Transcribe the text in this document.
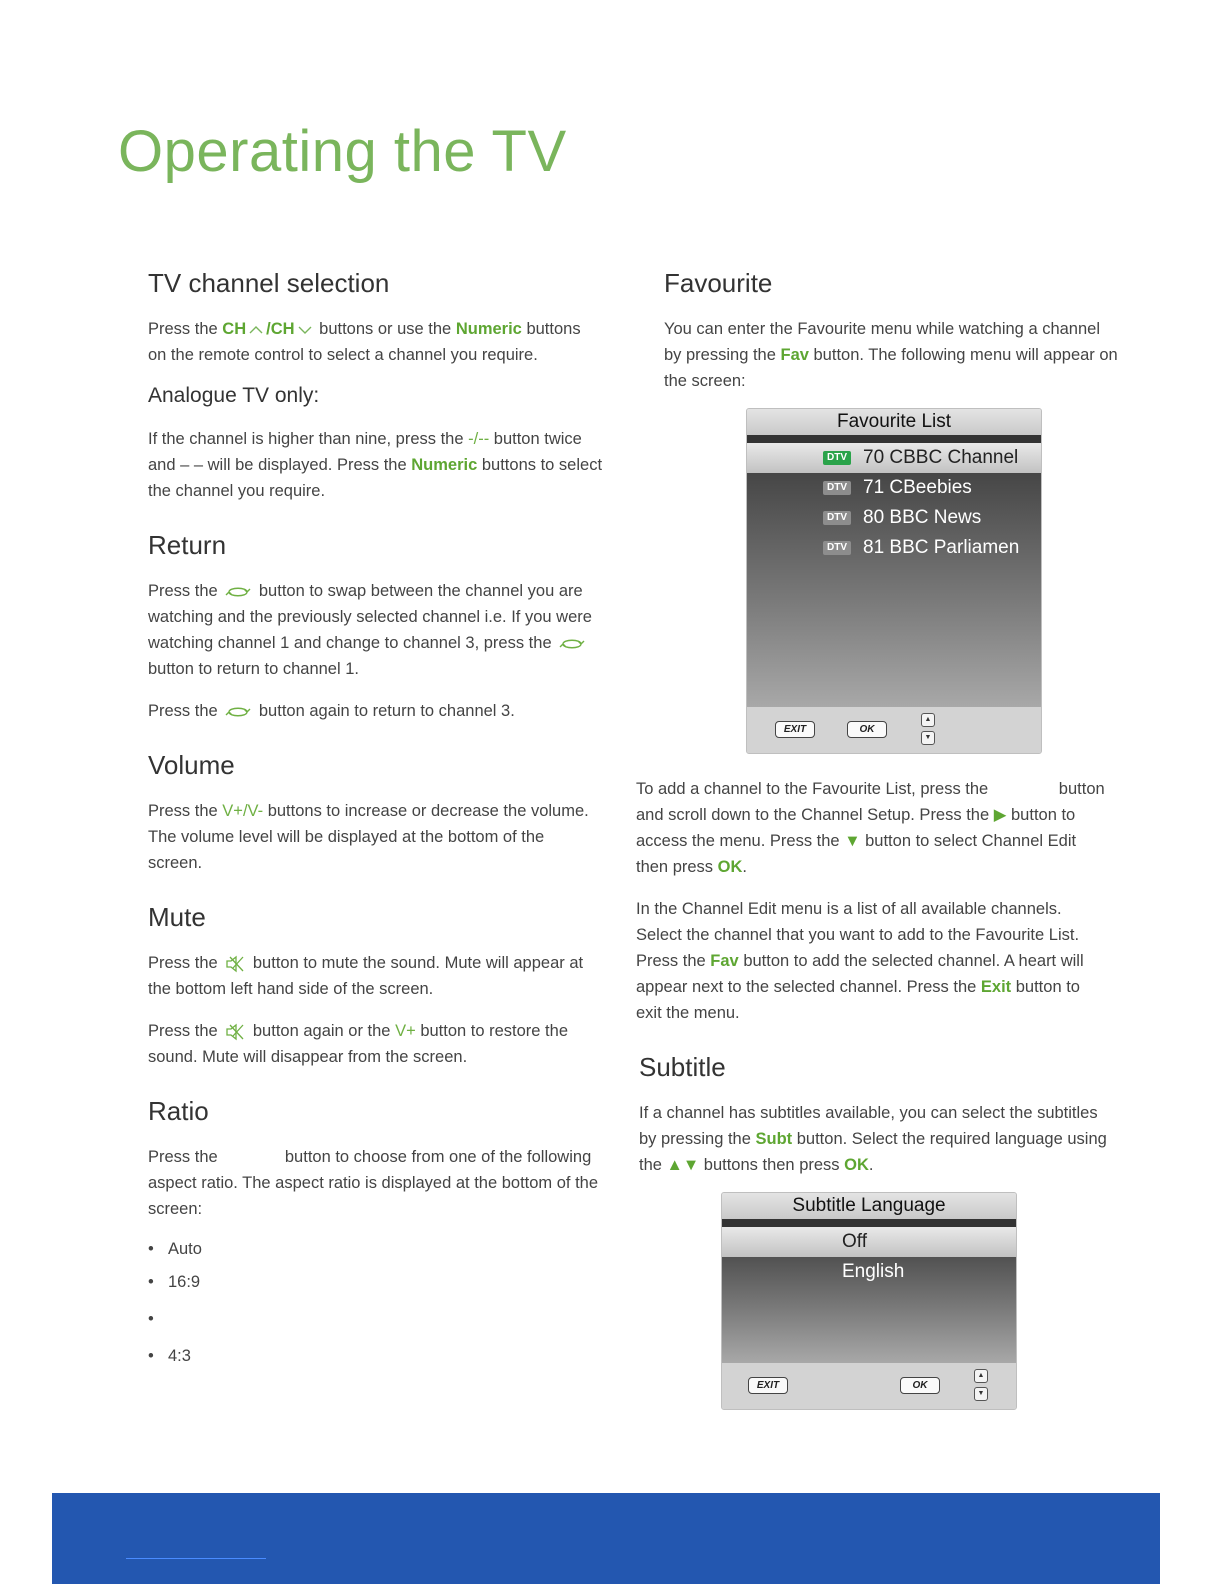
Operating the TV
TV channel selection

Press the CH /CH buttons or use the Numeric buttons
on the remote control to select a channel you require.

Analogue TV only:

If the channel is higher than nine, press the -/-- button twice
and – – will be displayed. Press the Numeric buttons to select
the channel you require.

Return

Press the  button to swap between the channel you are
watching and the previously selected channel i.e. If you were
watching channel 1 and change to channel 3, press the
button to return to channel 1.

Press the  button again to return to channel 3.

Volume

Press the V+/V- buttons to increase or decrease the volume.
The volume level will be displayed at the bottom of the
screen.

Mute

Press the  button to mute the sound. Mute will appear at
the bottom left hand side of the screen.

Press the  button again or the V+ button to restore the
sound. Mute will disappear from the screen.

Ratio

Press the	button to choose from one of the following
aspect ratio. The aspect ratio is displayed at the bottom of the
screen:

• Auto

• 16:9

•

• 4:3

Favourite

You can enter the Favourite menu while watching a channel
by pressing the Fav button. The following menu will appear on
the screen:

Favourite List
DTV 70 CBBC Channel
DTV 71 CBeebies
DTV 80 BBC News
DTV 81 BBC Parliamen
EXIT	OK
▲
▼

To add a channel to the Favourite List, press the	button
and scroll down to the Channel Setup. Press the ▶ button to
access the menu. Press the ▼ button to select Channel Edit
then press OK.

In the Channel Edit menu is a list of all available channels.
Select the channel that you want to add to the Favourite List.
Press the Fav button to add the selected channel. A heart will
appear next to the selected channel. Press the Exit button to
exit the menu.

Subtitle

If a channel has subtitles available, you can select the subtitles
by pressing the Subt button. Select the required language using
the ▲▼ buttons then press OK.

Subtitle Language
Off
English
EXIT	OK
▲
▼
